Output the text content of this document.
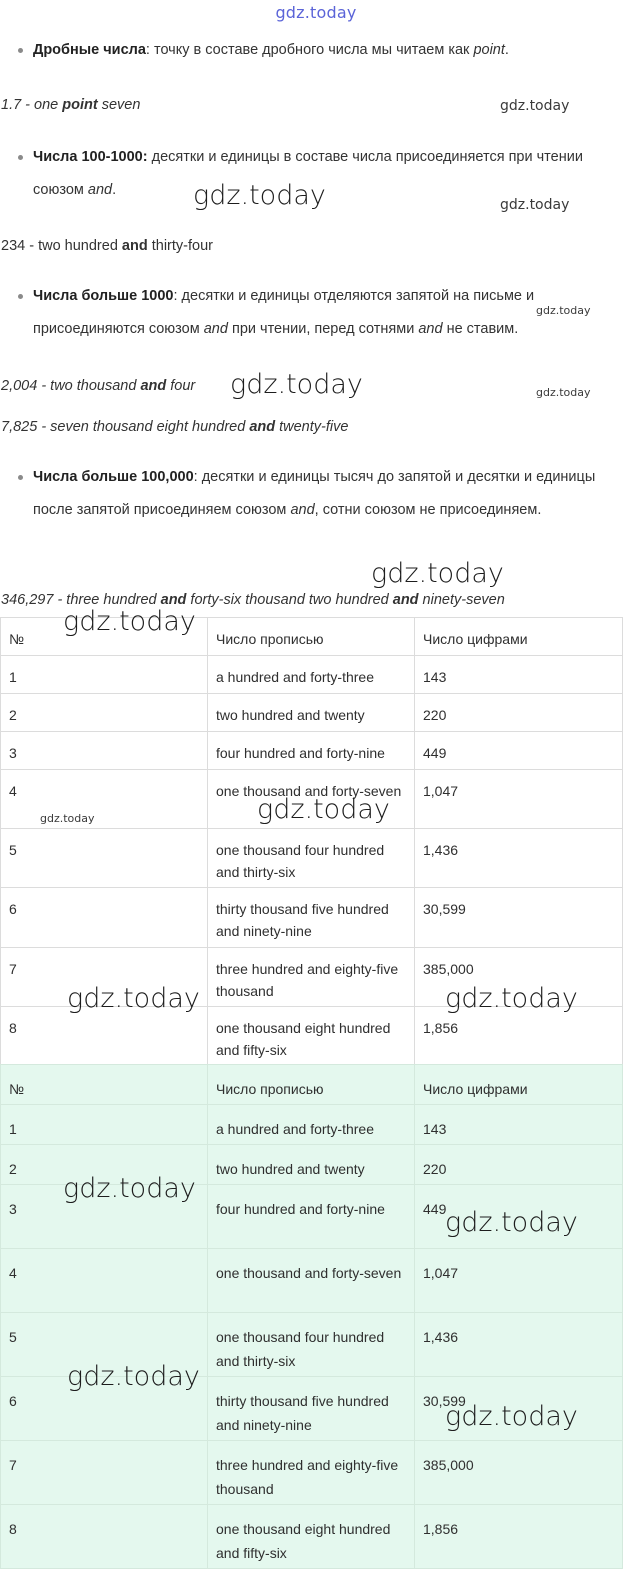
gdz.today
Дробные числа: точку в составе дробного числа мы читаем как point.
1.7 - one point seven
Числа 100-1000: десятки и единицы в составе числа присоединяется при чтении союзом and.
234 - two hundred and thirty-four
Числа больше 1000: десятки и единицы отделяются запятой на письме и присоединяются союзом and при чтении, перед сотнями and не ставим.
2,004 - two thousand and four
7,825 - seven thousand eight hundred and twenty-five
Числа больше 100,000: десятки и единицы тысяч до запятой и десятки и единицы после запятой присоединяем союзом and, сотни союзом не присоединяем.
346,297 - three hundred and forty-six thousand two hundred and ninety-seven
№	Число прописью	Число цифрами
1	a hundred and forty-three	143
2	two hundred and twenty	220
3	four hundred and forty-nine	449
4	one thousand and forty-seven	1,047
5	one thousand four hundred and thirty-six	1,436
6	thirty thousand five hundred and ninety-nine	30,599
7	three hundred and eighty-five thousand	385,000
8	one thousand eight hundred and fifty-six	1,856
№	Число прописью	Число цифрами
1	a hundred and forty-three	143
2	two hundred and twenty	220
3	four hundred and forty-nine	449
4	one thousand and forty-seven	1,047
5	one thousand four hundred and thirty-six	1,436
6	thirty thousand five hundred and ninety-nine	30,599
7	three hundred and eighty-five thousand	385,000
8	one thousand eight hundred and fifty-six	1,856
gdz.today
gdz.today	gdz.today
gdz.today
gdz.today	gdz.today
gdz.today
gdz.today
gdz.today
gdz.today
gdz.today	gdz.today
gdz.today
gdz.today
gdz.today
gdz.today
